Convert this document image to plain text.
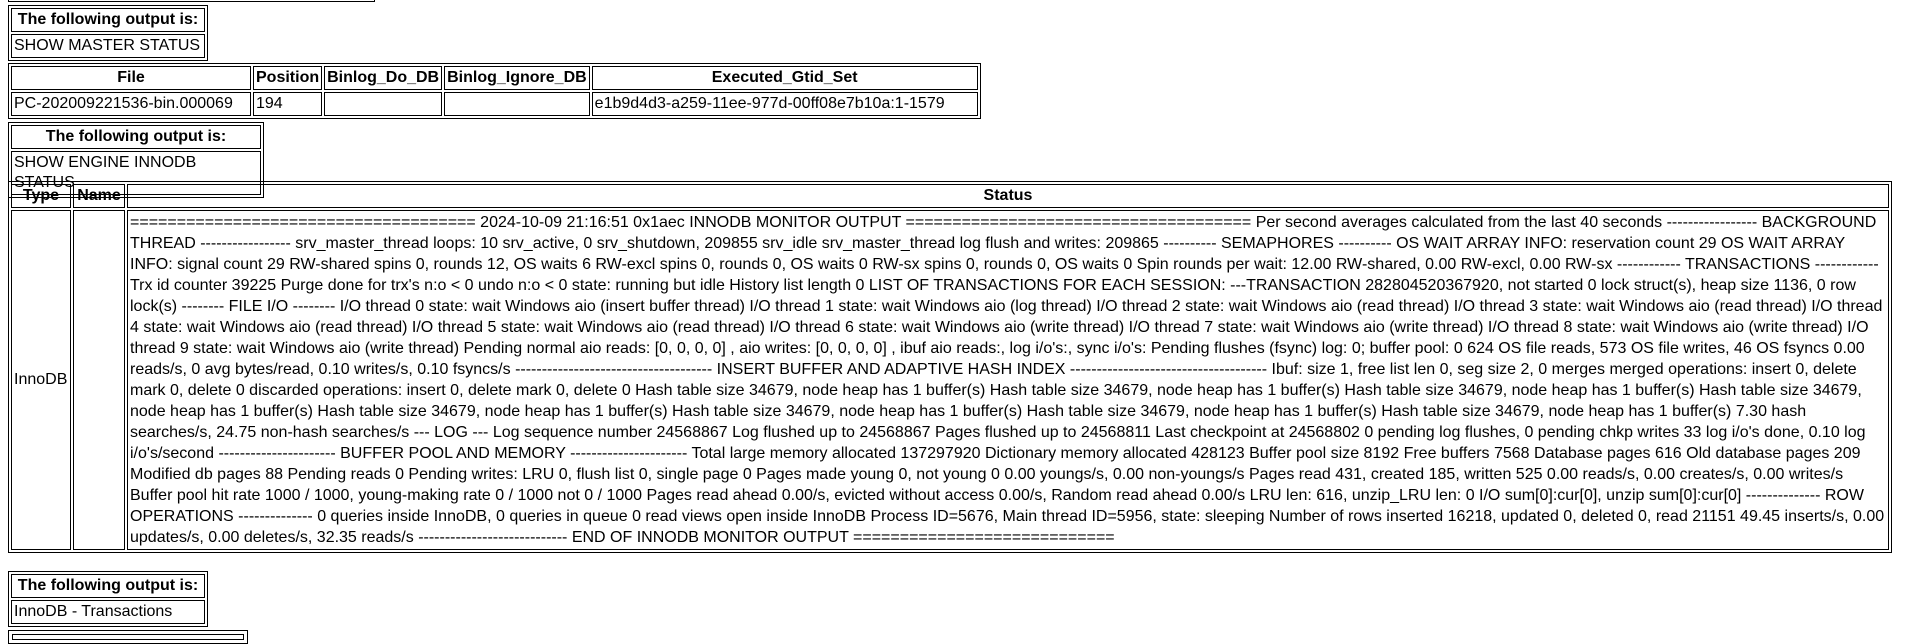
The following output is:
SHOW MASTER STATUS
File	Position	Binlog_Do_DB	Binlog_Ignore_DB	Executed_Gtid_Set
PC-202009221536-bin.000069	194			e1b9d4d3-a259-11ee-977d-00ff08e7b10a:1-1579
The following output is:
SHOW ENGINE INNODB STATUS
Type	Name	Status
InnoDB		===================================== 2024-10-09 21:16:51 0x1aec INNODB MONITOR OUTPUT ===================================== Per second averages calculated from the last 40 seconds ----------------- BACKGROUND THREAD ----------------- srv_master_thread loops: 10 srv_active, 0 srv_shutdown, 209855 srv_idle srv_master_thread log flush and writes: 209865 ---------- SEMAPHORES ---------- OS WAIT ARRAY INFO: reservation count 29 OS WAIT ARRAY INFO: signal count 29 RW-shared spins 0, rounds 12, OS waits 6 RW-excl spins 0, rounds 0, OS waits 0 RW-sx spins 0, rounds 0, OS waits 0 Spin rounds per wait: 12.00 RW-shared, 0.00 RW-excl, 0.00 RW-sx ------------ TRANSACTIONS ------------ Trx id counter 39225 Purge done for trx's n:o < 0 undo n:o < 0 state: running but idle History list length 0 LIST OF TRANSACTIONS FOR EACH SESSION: ---TRANSACTION 282804520367920, not started 0 lock struct(s), heap size 1136, 0 row lock(s) -------- FILE I/O -------- I/O thread 0 state: wait Windows aio (insert buffer thread) I/O thread 1 state: wait Windows aio (log thread) I/O thread 2 state: wait Windows aio (read thread) I/O thread 3 state: wait Windows aio (read thread) I/O thread 4 state: wait Windows aio (read thread) I/O thread 5 state: wait Windows aio (read thread) I/O thread 6 state: wait Windows aio (write thread) I/O thread 7 state: wait Windows aio (write thread) I/O thread 8 state: wait Windows aio (write thread) I/O thread 9 state: wait Windows aio (write thread) Pending normal aio reads: [0, 0, 0, 0] , aio writes: [0, 0, 0, 0] , ibuf aio reads:, log i/o's:, sync i/o's: Pending flushes (fsync) log: 0; buffer pool: 0 624 OS file reads, 573 OS file writes, 46 OS fsyncs 0.00 reads/s, 0 avg bytes/read, 0.10 writes/s, 0.10 fsyncs/s ------------------------------------- INSERT BUFFER AND ADAPTIVE HASH INDEX ------------------------------------- Ibuf: size 1, free list len 0, seg size 2, 0 merges merged operations: insert 0, delete mark 0, delete 0 discarded operations: insert 0, delete mark 0, delete 0 Hash table size 34679, node heap has 1 buffer(s) Hash table size 34679, node heap has 1 buffer(s) Hash table size 34679, node heap has 1 buffer(s) Hash table size 34679, node heap has 1 buffer(s) Hash table size 34679, node heap has 1 buffer(s) Hash table size 34679, node heap has 1 buffer(s) Hash table size 34679, node heap has 1 buffer(s) Hash table size 34679, node heap has 1 buffer(s) 7.30 hash searches/s, 24.75 non-hash searches/s --- LOG --- Log sequence number 24568867 Log flushed up to 24568867 Pages flushed up to 24568811 Last checkpoint at 24568802 0 pending log flushes, 0 pending chkp writes 33 log i/o's done, 0.10 log i/o's/second ---------------------- BUFFER POOL AND MEMORY ---------------------- Total large memory allocated 137297920 Dictionary memory allocated 428123 Buffer pool size 8192 Free buffers 7568 Database pages 616 Old database pages 209 Modified db pages 88 Pending reads 0 Pending writes: LRU 0, flush list 0, single page 0 Pages made young 0, not young 0 0.00 youngs/s, 0.00 non-youngs/s Pages read 431, created 185, written 525 0.00 reads/s, 0.00 creates/s, 0.00 writes/s Buffer pool hit rate 1000 / 1000, young-making rate 0 / 1000 not 0 / 1000 Pages read ahead 0.00/s, evicted without access 0.00/s, Random read ahead 0.00/s LRU len: 616, unzip_LRU len: 0 I/O sum[0]:cur[0], unzip sum[0]:cur[0] -------------- ROW OPERATIONS -------------- 0 queries inside InnoDB, 0 queries in queue 0 read views open inside InnoDB Process ID=5676, Main thread ID=5956, state: sleeping Number of rows inserted 16218, updated 0, deleted 0, read 21151 49.45 inserts/s, 0.00 updates/s, 0.00 deletes/s, 32.35 reads/s ---------------------------- END OF INNODB MONITOR OUTPUT ============================
The following output is:
InnoDB - Transactions
